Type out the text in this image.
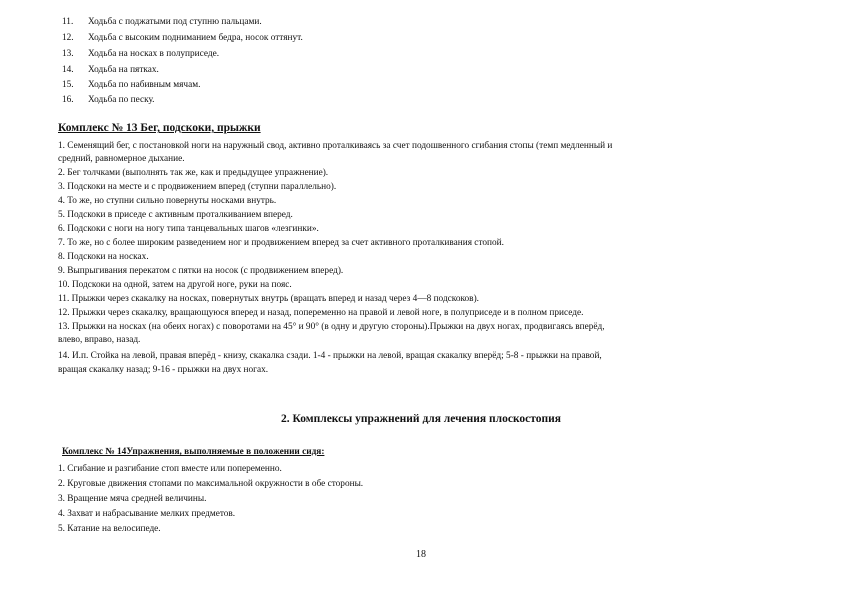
11.	Ходьба с поджатыми под ступню пальцами.
12.	Ходьба с высоким подниманием бедра, носок оттянут.
13.	Ходьба на носках в полуприседе.
14.	Ходьба на пятках.
15.	Ходьба по набивным мячам.
16.	Ходьба по песку.
Комплекс № 13 Бег, подскоки, прыжки
1. Семенящий бег, с постановкой ноги на наружный свод, активно проталкиваясь за счет подошвенного сгибания стопы (темп медленный и
средний, равномерное дыхание.
2. Бег толчками (выполнять так же, как и предыдущее упражнение).
3. Подскоки на месте и с продвижением вперед (ступни параллельно).
4. То же, но ступни сильно повернуты носками внутрь.
5. Подскоки в приседе с активным проталкиванием вперед.
6. Подскоки с ноги на ногу типа танцевальных шагов «лезгинки».
7. То же, но с более широким разведением ног и продвижением вперед за счет активного проталкивания стопой.
8. Подскоки на носках.
9. Выпрыгивания перекатом с пятки на носок (с продвижением вперед).
10. Подскоки на одной, затем на другой ноге, руки на пояс.
11. Прыжки через скакалку на носках, повернутых внутрь (вращать вперед и назад через 4—8 подскоков).
12. Прыжки через скакалку, вращающуюся вперед и назад, попеременно на правой и левой ноге, в полуприседе и в полном приседе.
13. Прыжки на носках (на обеих ногах) с поворотами на 45° и 90° (в одну и другую стороны).Прыжки на двух ногах, продвигаясь вперёд,
влево, вправо, назад.
14. И.п. Стойка на левой, правая вперёд - книзу, скакалка сзади. 1-4 - прыжки на левой, вращая скакалку вперёд; 5-8 - прыжки на правой,
вращая скакалку назад; 9-16 - прыжки на двух ногах.
2. Комплексы упражнений для лечения плоскостопия
Комплекс № 14Упражнения, выполняемые в положении сидя:
1. Сгибание и разгибание стоп вместе или попеременно.
2. Круговые движения стопами по максимальной окружности в обе стороны.
3. Вращение мяча средней величины.
4. Захват и набрасывание мелких предметов.
5. Катание на велосипеде.
18
